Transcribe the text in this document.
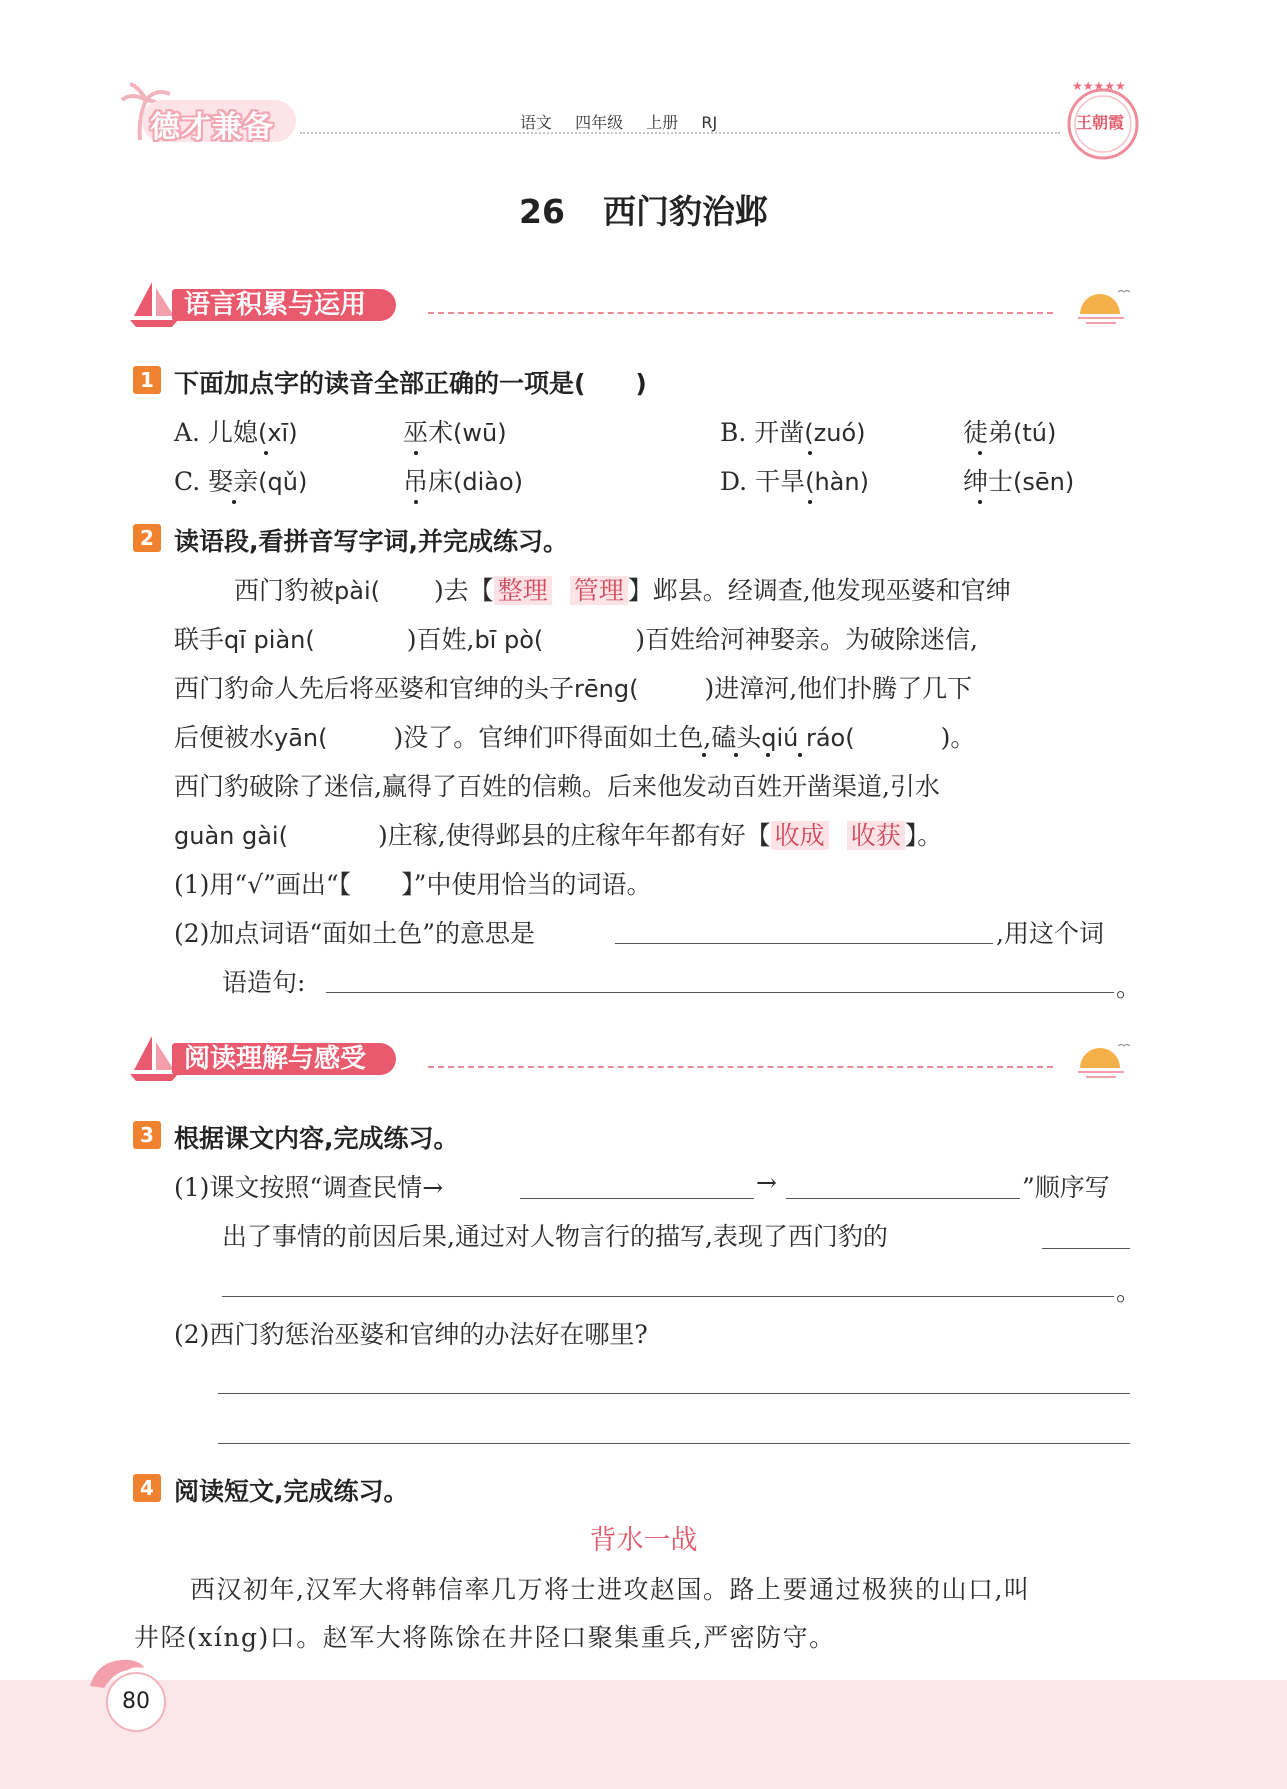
德才兼备	语文 四年级 上册 RJ
★★★★★
王朝霞
26 西门豹治邺
语言积累与运用
1 下面加点字的读音全部正确的一项是(　　)
A. 儿媳(xī)	巫术(wū)	B. 开凿(zuó)	徒弟(tú)
C. 娶亲(qǔ)	吊床(diào)	D. 干旱(hàn)	绅士(sēn)
2 读语段,看拼音写字词,并完成练习。
西门豹被pài( )去【 整理 管理 】邺县。经调查,他发现巫婆和官绅
联手qī piàn(	)百姓,bī pò(	)百姓给河神娶亲。为破除迷信,
西门豹命人先后将巫婆和官绅的头子rēng(	)进漳河,他们扑腾了几下
后便被水yān(	)没了。官绅们吓得面如土色,磕头qiú ráo(	)。
西门豹破除了迷信,赢得了百姓的信赖。后来他发动百姓开凿渠道,引水
guàn gài(	)庄稼,使得邺县的庄稼年年都有好【 收成 收获 】。
(1)用“√”画出“【　　】”中使用恰当的词语。
(2)加点词语“面如土色”的意思是	,用这个词
语造句:	。
阅读理解与感受
3 根据课文内容,完成练习。
(1)课文按照“调查民情→	→	”顺序写
出了事情的前因后果,通过对人物言行的描写,表现了西门豹的
。
(2)西门豹惩治巫婆和官绅的办法好在哪里?
4 阅读短文,完成练习。
背水一战
西汉初年,汉军大将韩信率几万将士进攻赵国。路上要通过极狭的山口,叫
井陉(xíng)口。赵军大将陈馀在井陉口聚集重兵,严密防守。
80
